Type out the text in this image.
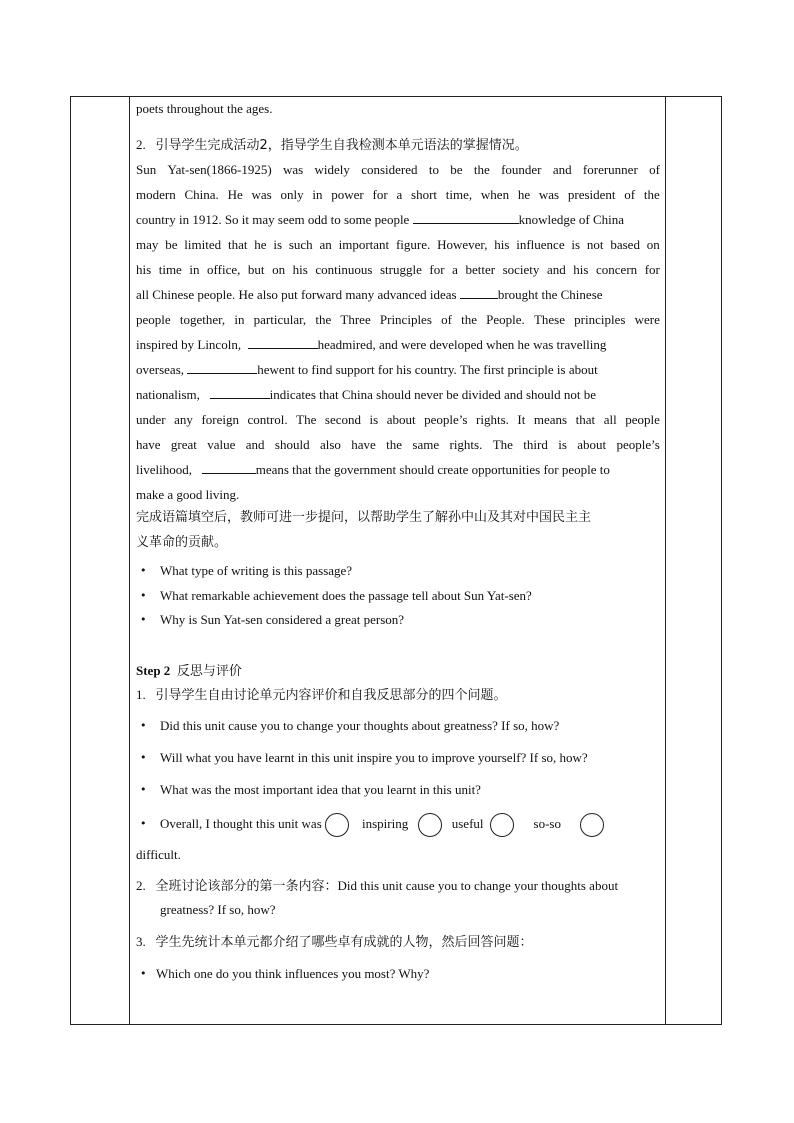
poets throughout the ages.
2. 引导学生完成活动2，指导学生自我检测本单元语法的掌握情况。
Sun Yat-sen(1866-1925) was widely considered to be the founder and forerunner of
modern China. He was only in power for a short time, when he was president of the
country in 1912. So it may seem odd to some people	knowledge of China
may be limited that he is such an important figure. However, his influence is not based on
his time in office, but on his continuous struggle for a better society and his concern for
all Chinese people. He also put forward many advanced ideas	brought the Chinese
people together, in particular, the Three Principles of the People. These principles were
inspired by Lincoln,	headmired, and were developed when he was travelling
overseas,	hewent to find support for his country. The first principle is about
nationalism,	indicates that China should never be divided and should not be
under any foreign control. The second is about people’s rights. It means that all people
have great value and should also have the same rights. The third is about people’s
livelihood,	means that the government should create opportunities for people to
make a good living.
完成语篇填空后，教师可进一步提问，以帮助学生了解孙中山及其对中国民主主
义革命的贡献。
• What type of writing is this passage?
• What remarkable achievement does the passage tell about Sun Yat-sen?
• Why is Sun Yat-sen considered a great person?
Step 2 反思与评价
1. 引导学生自由讨论单元内容评价和自我反思部分的四个问题。
• Did this unit cause you to change your thoughts about greatness? If so, how?
• Will what you have learnt in this unit inspire you to improve yourself? If so, how?
• What was the most important idea that you learnt in this unit?
• Overall, I thought this unit was	inspiring	useful	so-so
difficult.
2. 全班讨论该部分的第一条内容：Did this unit cause you to change your thoughts about
greatness? If so, how?
3. 学生先统计本单元都介绍了哪些卓有成就的人物，然后回答问题：
• Which one do you think influences you most? Why?
